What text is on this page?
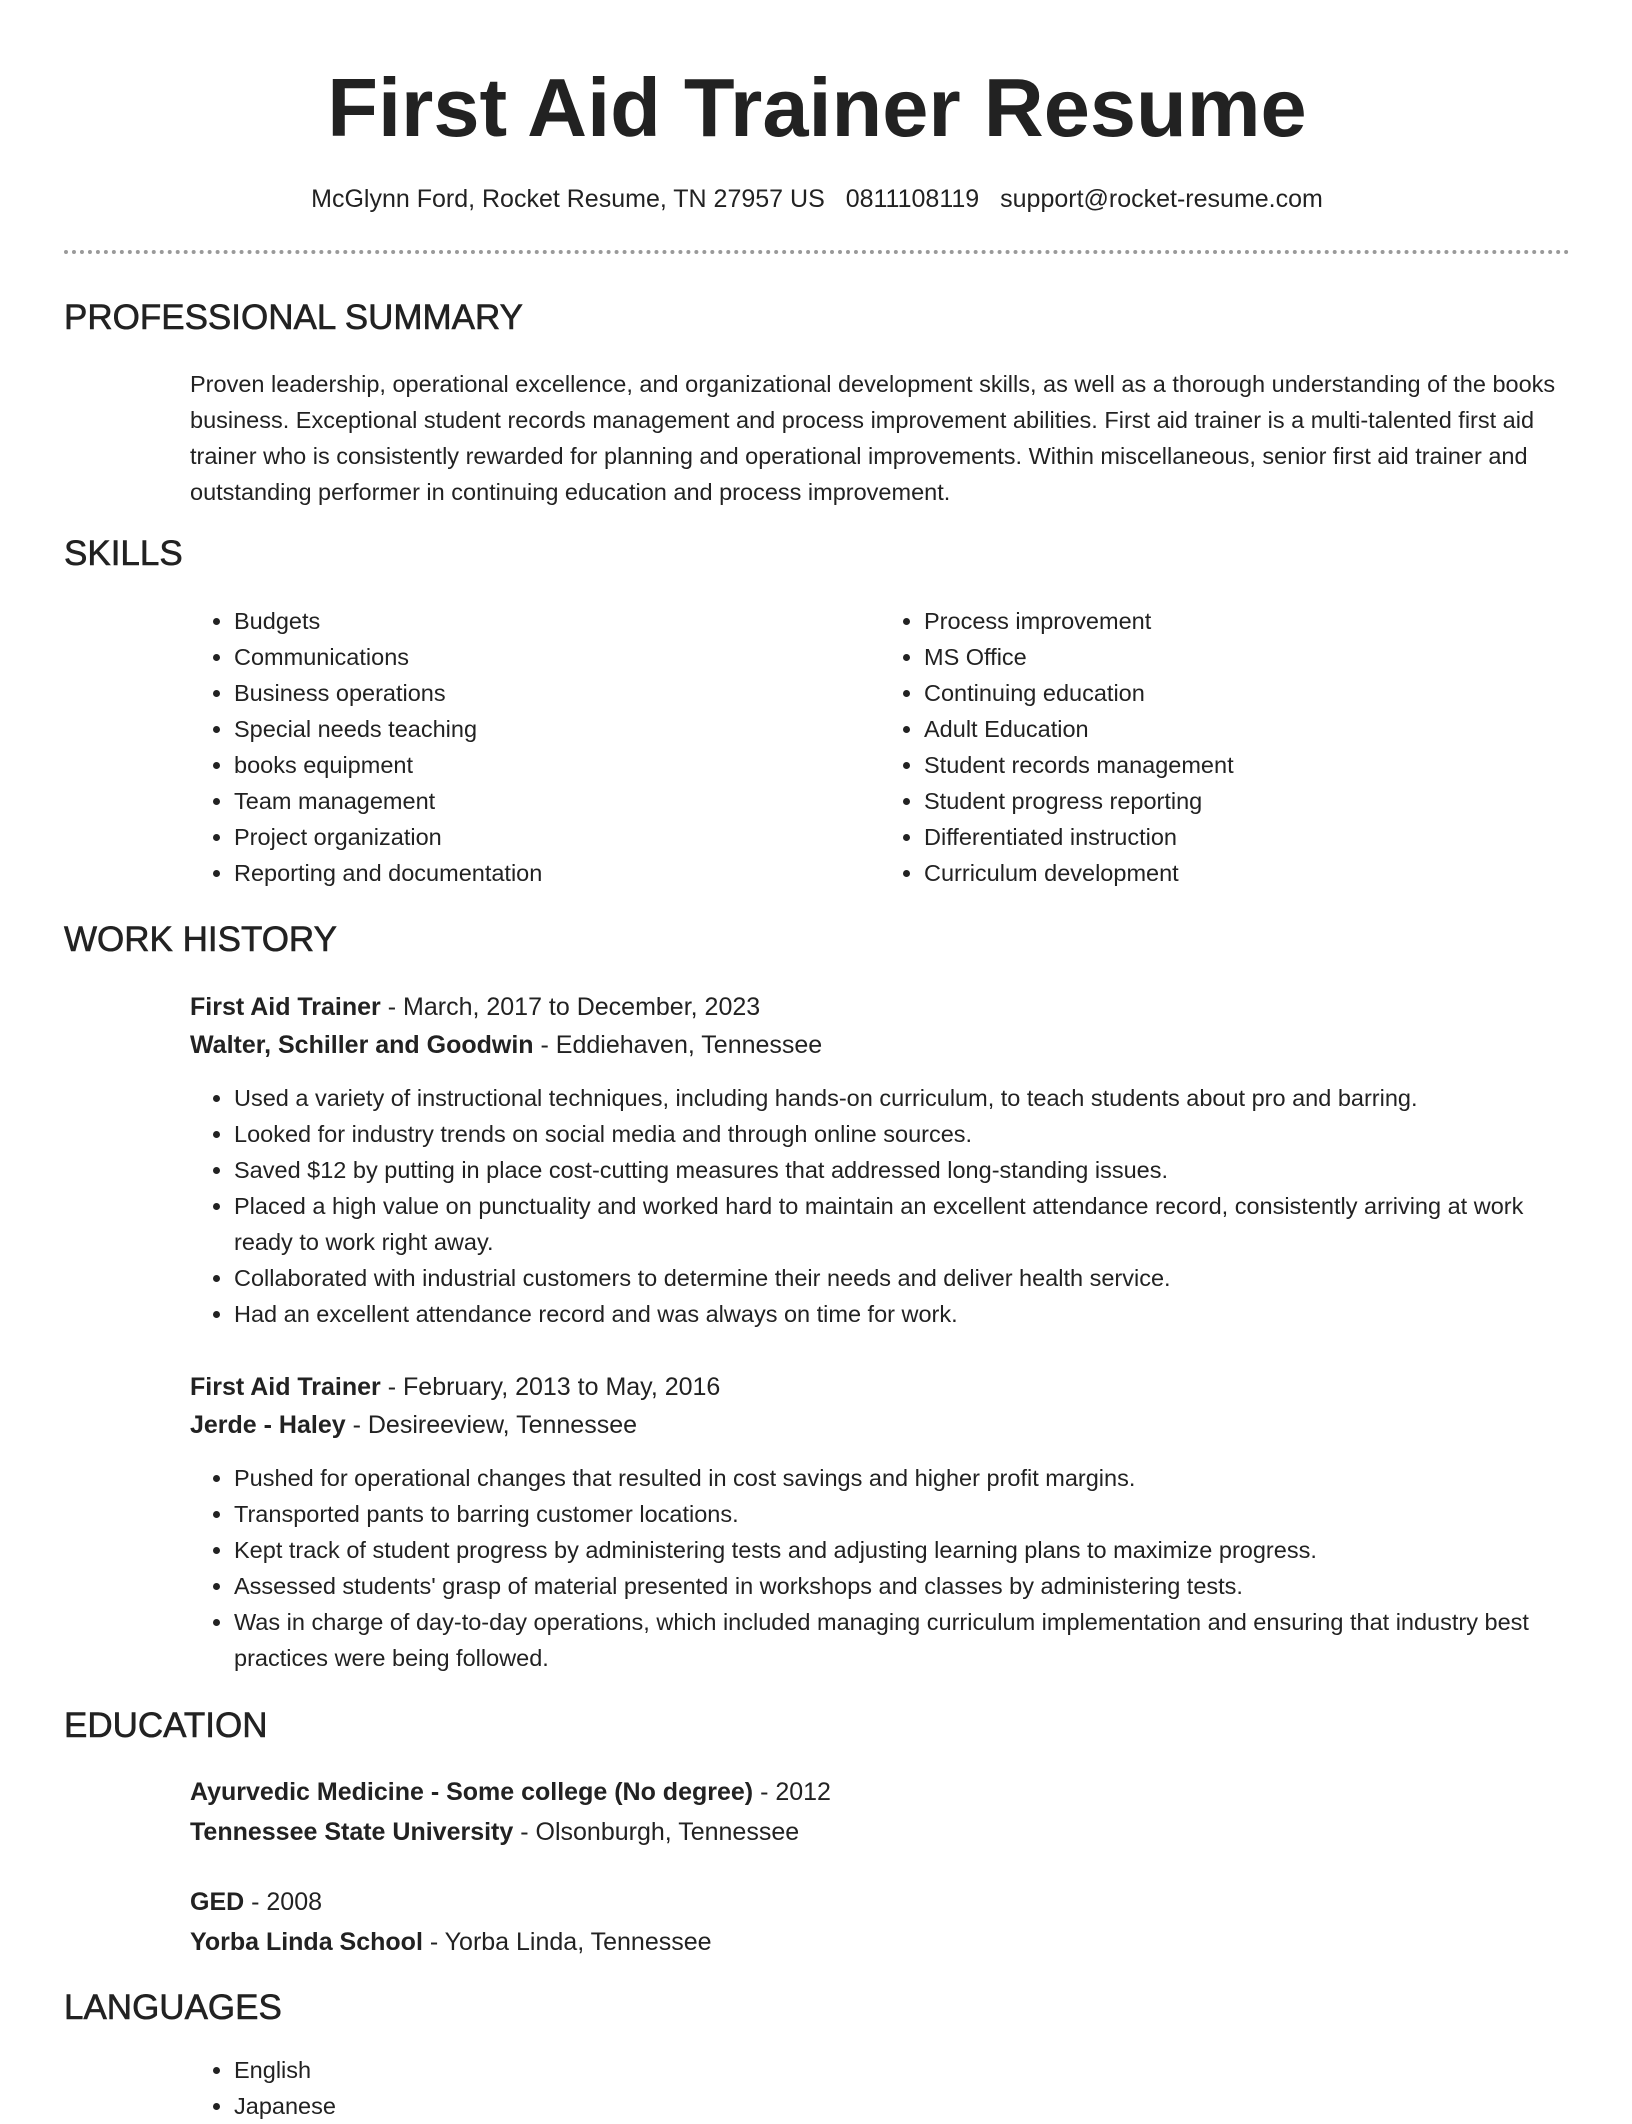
First Aid Trainer Resume
McGlynn Ford, Rocket Resume, TN 27957 US 0811108119 support@rocket-resume.com
PROFESSIONAL SUMMARY
Proven leadership, operational excellence, and organizational development skills, as well as a thorough understanding of the books business. Exceptional student records management and process improvement abilities. First aid trainer is a multi-talented first aid trainer who is consistently rewarded for planning and operational improvements. Within miscellaneous, senior first aid trainer and outstanding performer in continuing education and process improvement.
SKILLS
• Budgets
• Communications
• Business operations
• Special needs teaching
• books equipment
• Team management
• Project organization
• Reporting and documentation
• Process improvement
• MS Office
• Continuing education
• Adult Education
• Student records management
• Student progress reporting
• Differentiated instruction
• Curriculum development
WORK HISTORY
First Aid Trainer - March, 2017 to December, 2023
Walter, Schiller and Goodwin - Eddiehaven, Tennessee
• Used a variety of instructional techniques, including hands-on curriculum, to teach students about pro and barring.
• Looked for industry trends on social media and through online sources.
• Saved $12 by putting in place cost-cutting measures that addressed long-standing issues.
• Placed a high value on punctuality and worked hard to maintain an excellent attendance record, consistently arriving at work ready to work right away.
• Collaborated with industrial customers to determine their needs and deliver health service.
• Had an excellent attendance record and was always on time for work.
First Aid Trainer - February, 2013 to May, 2016
Jerde - Haley - Desireeview, Tennessee
• Pushed for operational changes that resulted in cost savings and higher profit margins.
• Transported pants to barring customer locations.
• Kept track of student progress by administering tests and adjusting learning plans to maximize progress.
• Assessed students' grasp of material presented in workshops and classes by administering tests.
• Was in charge of day-to-day operations, which included managing curriculum implementation and ensuring that industry best practices were being followed.
EDUCATION
Ayurvedic Medicine - Some college (No degree) - 2012
Tennessee State University - Olsonburgh, Tennessee
GED - 2008
Yorba Linda School - Yorba Linda, Tennessee
LANGUAGES
• English
• Japanese
